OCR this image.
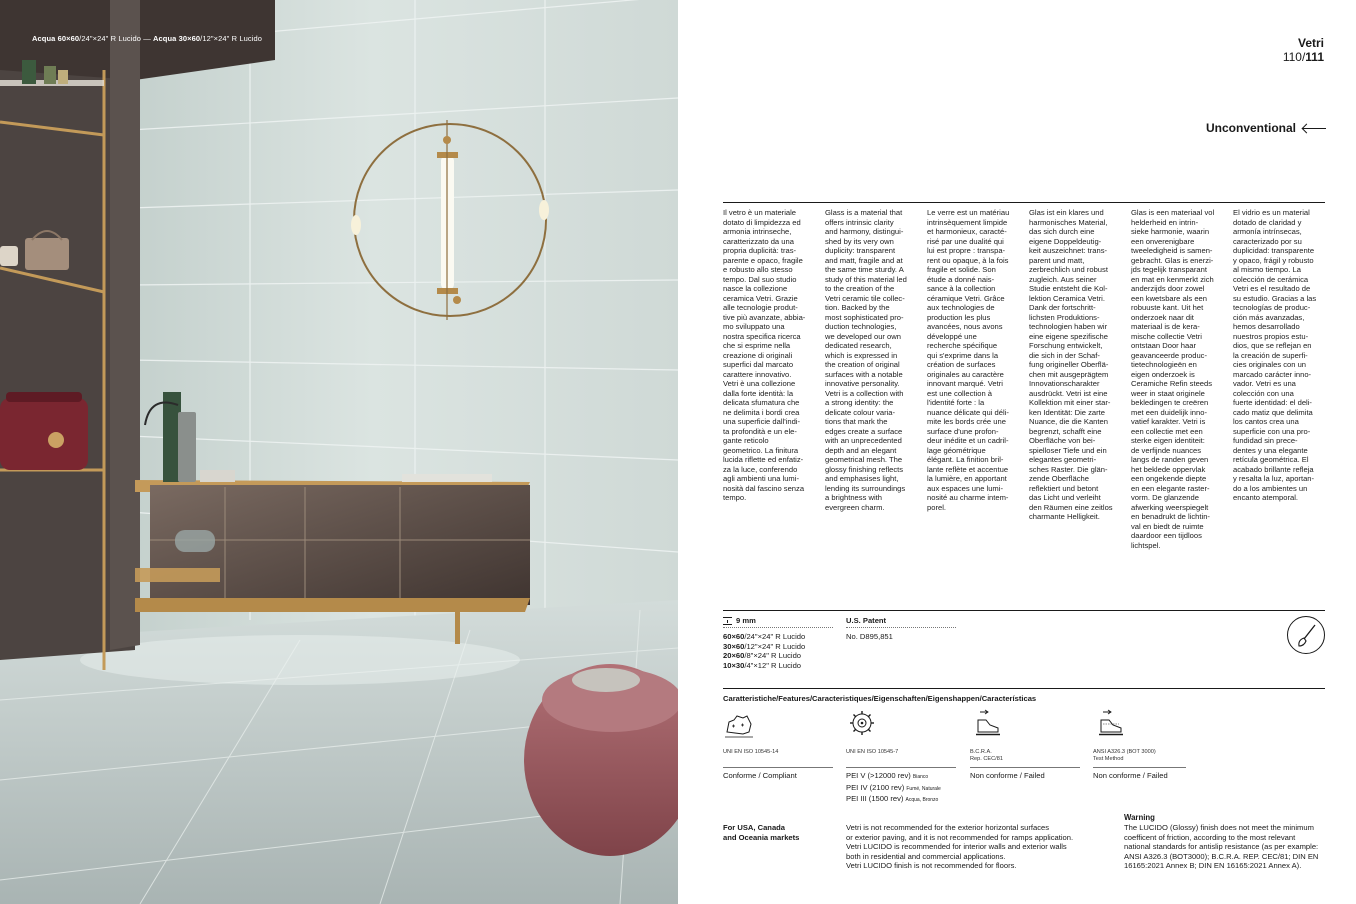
Acqua 60×60/24"×24" R Lucido — Acqua 30×60/12"×24" R Lucido	Vetri
110/111
Unconventional

Il vetro è un materiale
dotato di limpidezza ed
armonia intrinseche,
caratterizzato da una
propria duplicità: tras-
parente e opaco, fragile
e robusto allo stesso
tempo. Dal suo studio
nasce la collezione
ceramica Vetri. Grazie
alle tecnologie produt-
tive più avanzate, abbia-
mo sviluppato una
nostra specifica ricerca
che si esprime nella
creazione di originali
superfici dal marcato
carattere innovativo.
Vetri è una collezione
dalla forte identità: la
delicata sfumatura che
ne delimita i bordi crea
una superficie dall'indi-
ta profondità e un ele-
gante reticolo
geometrico. La finitura
lucida riflette ed enfatiz-
za la luce, conferendo
agli ambienti una lumi-
nosità dal fascino senza
tempo.

Glass is a material that
offers intrinsic clarity
and harmony, distingui-
shed by its very own
duplicity: transparent
and matt, fragile and at
the same time sturdy. A
study of this material led
to the creation of the
Vetri ceramic tile collec-
tion. Backed by the
most sophisticated pro-
duction technologies,
we developed our own
dedicated research,
which is expressed in
the creation of original
surfaces with a notable
innovative personality.
Vetri is a collection with
a strong identity: the
delicate colour varia-
tions that mark the
edges create a surface
with an unprecedented
depth and an elegant
geometrical mesh. The
glossy finishing reflects
and emphasises light,
lending its surroundings
a brightness with
evergreen charm.

Le verre est un matériau
intrinsèquement limpide
et harmonieux, caracté-
risé par une dualité qui
lui est propre : transpa-
rent ou opaque, à la fois
fragile et solide. Son
étude a donné nais-
sance à la collection
céramique Vetri. Grâce
aux technologies de
production les plus
avancées, nous avons
développé une
recherche spécifique
qui s'exprime dans la
création de surfaces
originales au caractère
innovant marqué. Vetri
est une collection à
l'identité forte : la
nuance délicate qui déli-
mite les bords crée une
surface d'une profon-
deur inédite et un cadril-
lage géométrique
élégant. La finition bril-
lante reflète et accentue
la lumière, en apportant
aux espaces une lumi-
nosité au charme intem-
porel.

Glas ist ein klares und
harmonisches Material,
das sich durch eine
eigene Doppeldeutig-
keit auszeichnet: trans-
parent und matt,
zerbrechlich und robust
zugleich. Aus seiner
Studie entsteht die Kol-
lektion Ceramica Vetri.
Dank der fortschritt-
lichsten Produktions-
technologien haben wir
eine eigene spezifische
Forschung entwickelt,
die sich in der Schaf-
fung origineller Oberflä-
chen mit ausgeprägtem
Innovationscharakter
ausdrückt. Vetri ist eine
Kollektion mit einer star-
ken Identität: Die zarte
Nuance, die die Kanten
begrenzt, schafft eine
Oberfläche von bei-
spielloser Tiefe und ein
elegantes geometri-
sches Raster. Die glän-
zende Oberfläche
reflektiert und betont
das Licht und verleiht
den Räumen eine zeitlos
charmante Helligkeit.

Glas is een materiaal vol
helderheid en intrin-
sieke harmonie, waarin
een onverenigbare
tweeledigheid is samen-
gebracht. Glas is enerzi-
jds tegelijk transparant
en mat en kenmerkt zich
anderzijds door zowel
een kwetsbare als een
robuuste kant. Uit het
onderzoek naar dit
materiaal is de kera-
mische collectie Vetri
ontstaan Door haar
geavanceerde produc-
tietechnologieën en
eigen onderzoek is
Ceramiche Refin steeds
weer in staat originele
bekledingen te creëren
met een duidelijk inno-
vatief karakter. Vetri is
een collectie met een
sterke eigen identiteit:
de verfijnde nuances
langs de randen geven
het beklede oppervlak
een ongekende diepte
en een elegante raster-
vorm. De glanzende
afwerking weerspiegelt
en benadrukt de lichtin-
val en biedt de ruimte
daardoor een tijdloos
lichtspel.

El vidrio es un material
dotado de claridad y
armonía intrínsecas,
caracterizado por su
duplicidad: transparente
y opaco, frágil y robusto
al mismo tiempo. La
colección de cerámica
Vetri es el resultado de
su estudio. Gracias a las
tecnologías de produc-
ción más avanzadas,
hemos desarrollado
nuestros propios estu-
dios, que se reflejan en
la creación de superfi-
cies originales con un
marcado carácter inno-
vador. Vetri es una
colección con una
fuerte identidad: el deli-
cado matiz que delimita
los cantos crea una
superficie con una pro-
fundidad sin prece-
dentes y una elegante
retícula geométrica. El
acabado brillante refleja
y resalta la luz, aportan-
do a los ambientes un
encanto atemporal.

9 mm
60×60/24"×24" R Lucido
30×60/12"×24" R Lucido
20×60/8"×24" R Lucido
10×30/4"×12" R Lucido
U.S. Patent
No. D895,851
Caratteristiche/Features/Caracteristiques/Eigenschaften/Eigenshappen/Características
UNI EN ISO 10545-14
Conforme / Compliant
UNI EN ISO 10545-7
PEI V (>12000 rev) Bianco
PEI IV (2100 rev) Fumé, Naturale
PEI III (1500 rev) Acqua, Bronzo
B.C.R.A.
Rep. CEC/81
Non conforme / Failed
ANSI A326.3 (BOT 3000)
Test Method
Non conforme / Failed
For USA, Canada
and Oceania markets
Vetri is not recommended for the exterior horizontal surfaces
or exterior paving, and it is not recommended for ramps application.
Vetri LUCIDO is recommended for interior walls and exterior walls
both in residential and commercial applications.
Vetri LUCIDO finish is not recommended for floors.
Warning
The LUCIDO (Glossy) finish does not meet the minimum
coefficent of friction, according to the most relevant
national standards for antislip resistance (as per example:
ANSI A326.3 (BOT3000); B.C.R.A. REP. CEC/81; DIN EN
16165:2021 Annex B; DIN EN 16165:2021 Annex A).
